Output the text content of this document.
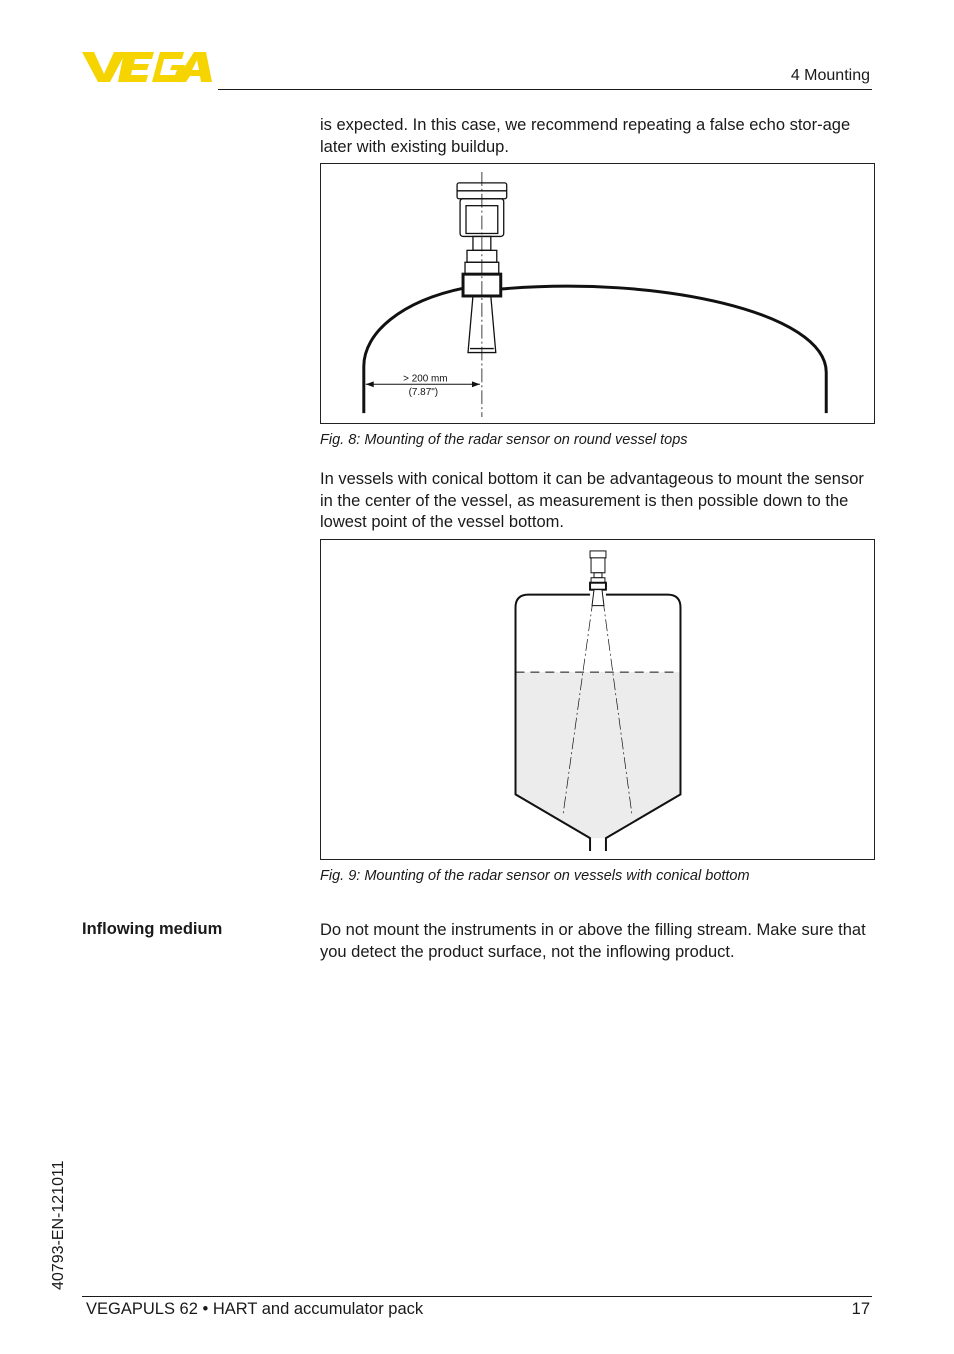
4 Mounting
is expected. In this case, we recommend repeating a false echo stor-age later with existing buildup.
> 200 mm
(7.87")
Fig. 8: Mounting of the radar sensor on round vessel tops
In vessels with conical bottom it can be advantageous to mount the sensor in the center of the vessel, as measurement is then possible down to the lowest point of the vessel bottom.
Fig. 9: Mounting of the radar sensor on vessels with conical bottom
Inflowing medium	Do not mount the instruments in or above the filling stream. Make sure that you detect the product surface, not the inflowing product.
40793-EN-121011
VEGAPULS 62 • HART and accumulator pack	17
